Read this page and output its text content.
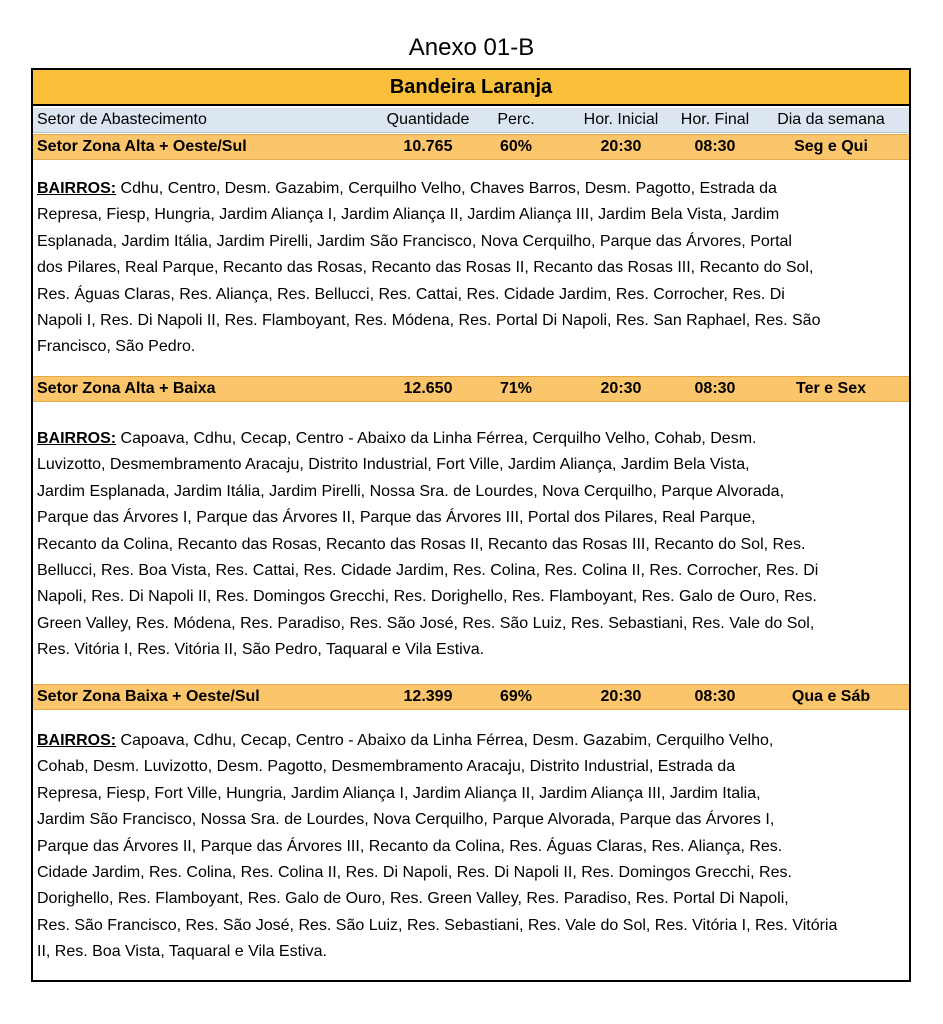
Anexo 01-B
Bandeira Laranja
Setor de Abastecimento	Quantidade	Perc.	Hor. Inicial	Hor. Final	Dia da semana
Setor Zona Alta + Oeste/Sul	10.765	60%	20:30	08:30	Seg e Qui
BAIRROS: Cdhu, Centro, Desm. Gazabim, Cerquilho Velho, Chaves Barros, Desm. Pagotto, Estrada da
Represa, Fiesp, Hungria, Jardim Aliança I, Jardim Aliança II, Jardim Aliança III, Jardim Bela Vista, Jardim
Esplanada, Jardim Itália, Jardim Pirelli, Jardim São Francisco, Nova Cerquilho, Parque das Árvores, Portal
dos Pilares, Real Parque, Recanto das Rosas, Recanto das Rosas II, Recanto das Rosas III, Recanto do Sol,
Res. Águas Claras, Res. Aliança, Res. Bellucci, Res. Cattai, Res. Cidade Jardim, Res. Corrocher, Res. Di
Napoli I, Res. Di Napoli II, Res. Flamboyant, Res. Módena, Res. Portal Di Napoli, Res. San Raphael, Res. São
Francisco, São Pedro.
Setor Zona Alta + Baixa	12.650	71%	20:30	08:30	Ter e Sex
BAIRROS: Capoava, Cdhu, Cecap, Centro - Abaixo da Linha Férrea, Cerquilho Velho, Cohab, Desm.
Luvizotto, Desmembramento Aracaju, Distrito Industrial, Fort Ville, Jardim Aliança, Jardim Bela Vista,
Jardim Esplanada, Jardim Itália, Jardim Pirelli, Nossa Sra. de Lourdes, Nova Cerquilho, Parque Alvorada,
Parque das Árvores I, Parque das Árvores II, Parque das Árvores III, Portal dos Pilares, Real Parque,
Recanto da Colina, Recanto das Rosas, Recanto das Rosas II, Recanto das Rosas III, Recanto do Sol, Res.
Bellucci, Res. Boa Vista, Res. Cattai, Res. Cidade Jardim, Res. Colina, Res. Colina II, Res. Corrocher, Res. Di
Napoli, Res. Di Napoli II, Res. Domingos Grecchi, Res. Dorighello, Res. Flamboyant, Res. Galo de Ouro, Res.
Green Valley, Res. Módena, Res. Paradiso, Res. São José, Res. São Luiz, Res. Sebastiani, Res. Vale do Sol,
Res. Vitória I, Res. Vitória II, São Pedro, Taquaral e Vila Estiva.
Setor Zona Baixa + Oeste/Sul	12.399	69%	20:30	08:30	Qua e Sáb
BAIRROS: Capoava, Cdhu, Cecap, Centro - Abaixo da Linha Férrea, Desm. Gazabim, Cerquilho Velho,
Cohab, Desm. Luvizotto, Desm. Pagotto, Desmembramento Aracaju, Distrito Industrial, Estrada da
Represa, Fiesp, Fort Ville, Hungria, Jardim Aliança I, Jardim Aliança II, Jardim Aliança III, Jardim Italia,
Jardim São Francisco, Nossa Sra. de Lourdes, Nova Cerquilho, Parque Alvorada, Parque das Árvores I,
Parque das Árvores II, Parque das Árvores III, Recanto da Colina, Res. Águas Claras, Res. Aliança, Res.
Cidade Jardim, Res. Colina, Res. Colina II, Res. Di Napoli, Res. Di Napoli II, Res. Domingos Grecchi, Res.
Dorighello, Res. Flamboyant, Res. Galo de Ouro, Res. Green Valley, Res. Paradiso, Res. Portal Di Napoli,
Res. São Francisco, Res. São José, Res. São Luiz, Res. Sebastiani, Res. Vale do Sol, Res. Vitória I, Res. Vitória
II, Res. Boa Vista, Taquaral e Vila Estiva.
